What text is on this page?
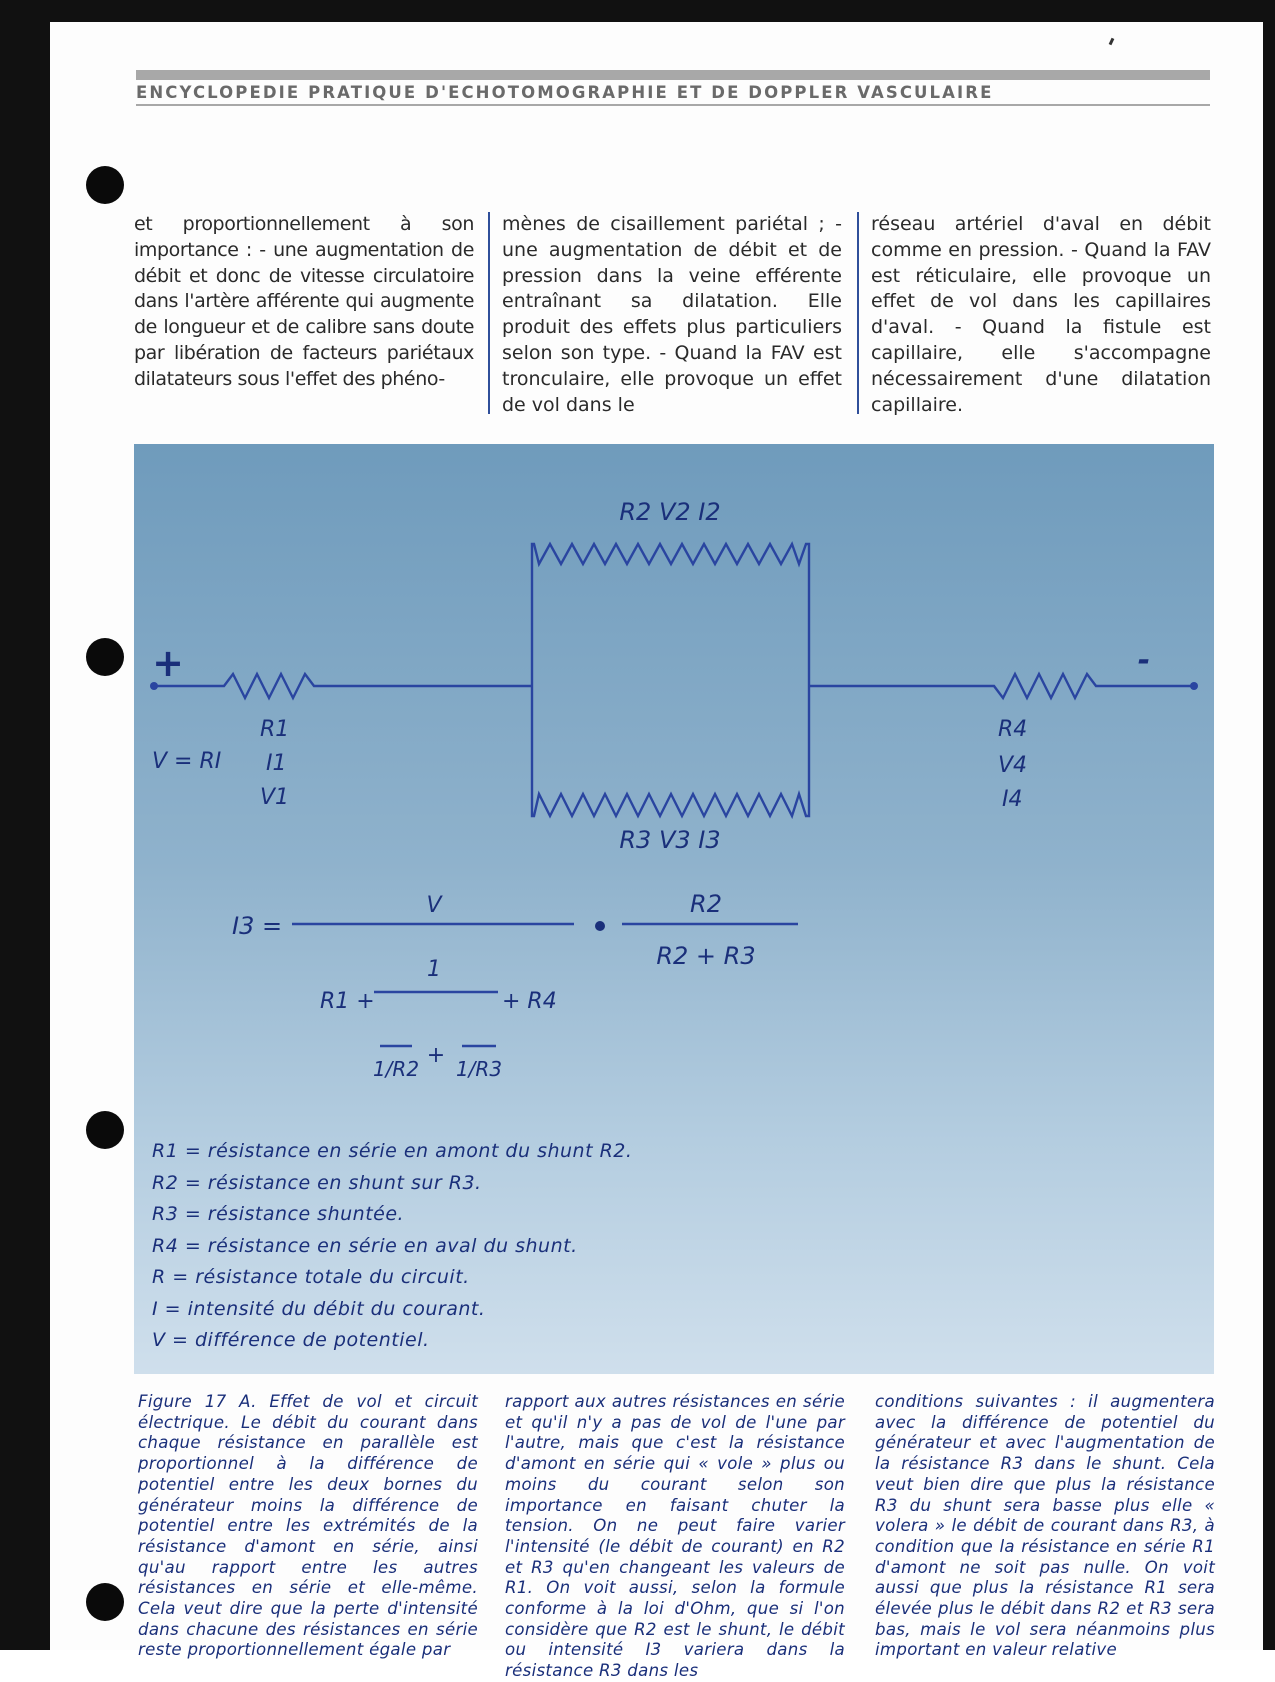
ENCYCLOPEDIE PRATIQUE D'ECHOTOMOGRAPHIE ET DE DOPPLER VASCULAIRE

et proportionnellement à son importance : - une augmentation de débit et donc de vitesse circulatoire dans l'artère afférente qui augmente de longueur et de calibre sans doute par libération de facteurs pariétaux dilatateurs sous l'effet des phéno-

mènes de cisaillement pariétal ; - une augmentation de débit et de pression dans la veine efférente entraînant sa dilatation. Elle produit des effets plus particuliers selon son type. - Quand la FAV est tronculaire, elle provoque un effet de vol dans le

réseau artériel d'aval en débit comme en pression. - Quand la FAV est réticulaire, elle provoque un effet de vol dans les capillaires d'aval. - Quand la fistule est capillaire, elle s'accompagne nécessairement d'une dilatation capillaire.

+	-
R2 V2 I2
R3 V3 I3
V = RI
R1
I1
V1
R4
V4
I4
I3 =
V
R1 +
1
+ R4
1/R2
+
1/R3
R2
R2 + R3
R1 = résistance en série en amont du shunt R2.
R2 = résistance en shunt sur R3.
R3 = résistance shuntée.
R4 = résistance en série en aval du shunt.
R = résistance totale du circuit.
I = intensité du débit du courant.
V = différence de potentiel.

Figure 17 A. Effet de vol et circuit électrique. Le débit du courant dans chaque résistance en parallèle est proportionnel à la différence de potentiel entre les deux bornes du générateur moins la différence de potentiel entre les extrémités de la résistance d'amont en série, ainsi qu'au rapport entre les autres résistances en série et elle-même. Cela veut dire que la perte d'intensité dans chacune des résistances en série reste proportionnellement égale par

rapport aux autres résistances en série et qu'il n'y a pas de vol de l'une par l'autre, mais que c'est la résistance d'amont en série qui « vole » plus ou moins du courant selon son importance en faisant chuter la tension. On ne peut faire varier l'intensité (le débit de courant) en R2 et R3 qu'en changeant les valeurs de R1. On voit aussi, selon la formule conforme à la loi d'Ohm, que si l'on considère que R2 est le shunt, le débit ou intensité I3 variera dans la résistance R3 dans les

conditions suivantes : il augmentera avec la différence de potentiel du générateur et avec l'augmentation de la résistance R3 dans le shunt. Cela veut bien dire que plus la résistance R3 du shunt sera basse plus elle « volera » le débit de courant dans R3, à condition que la résistance en série R1 d'amont ne soit pas nulle. On voit aussi que plus la résistance R1 sera élevée plus le débit dans R2 et R3 sera bas, mais le vol sera néanmoins plus important en valeur relative
